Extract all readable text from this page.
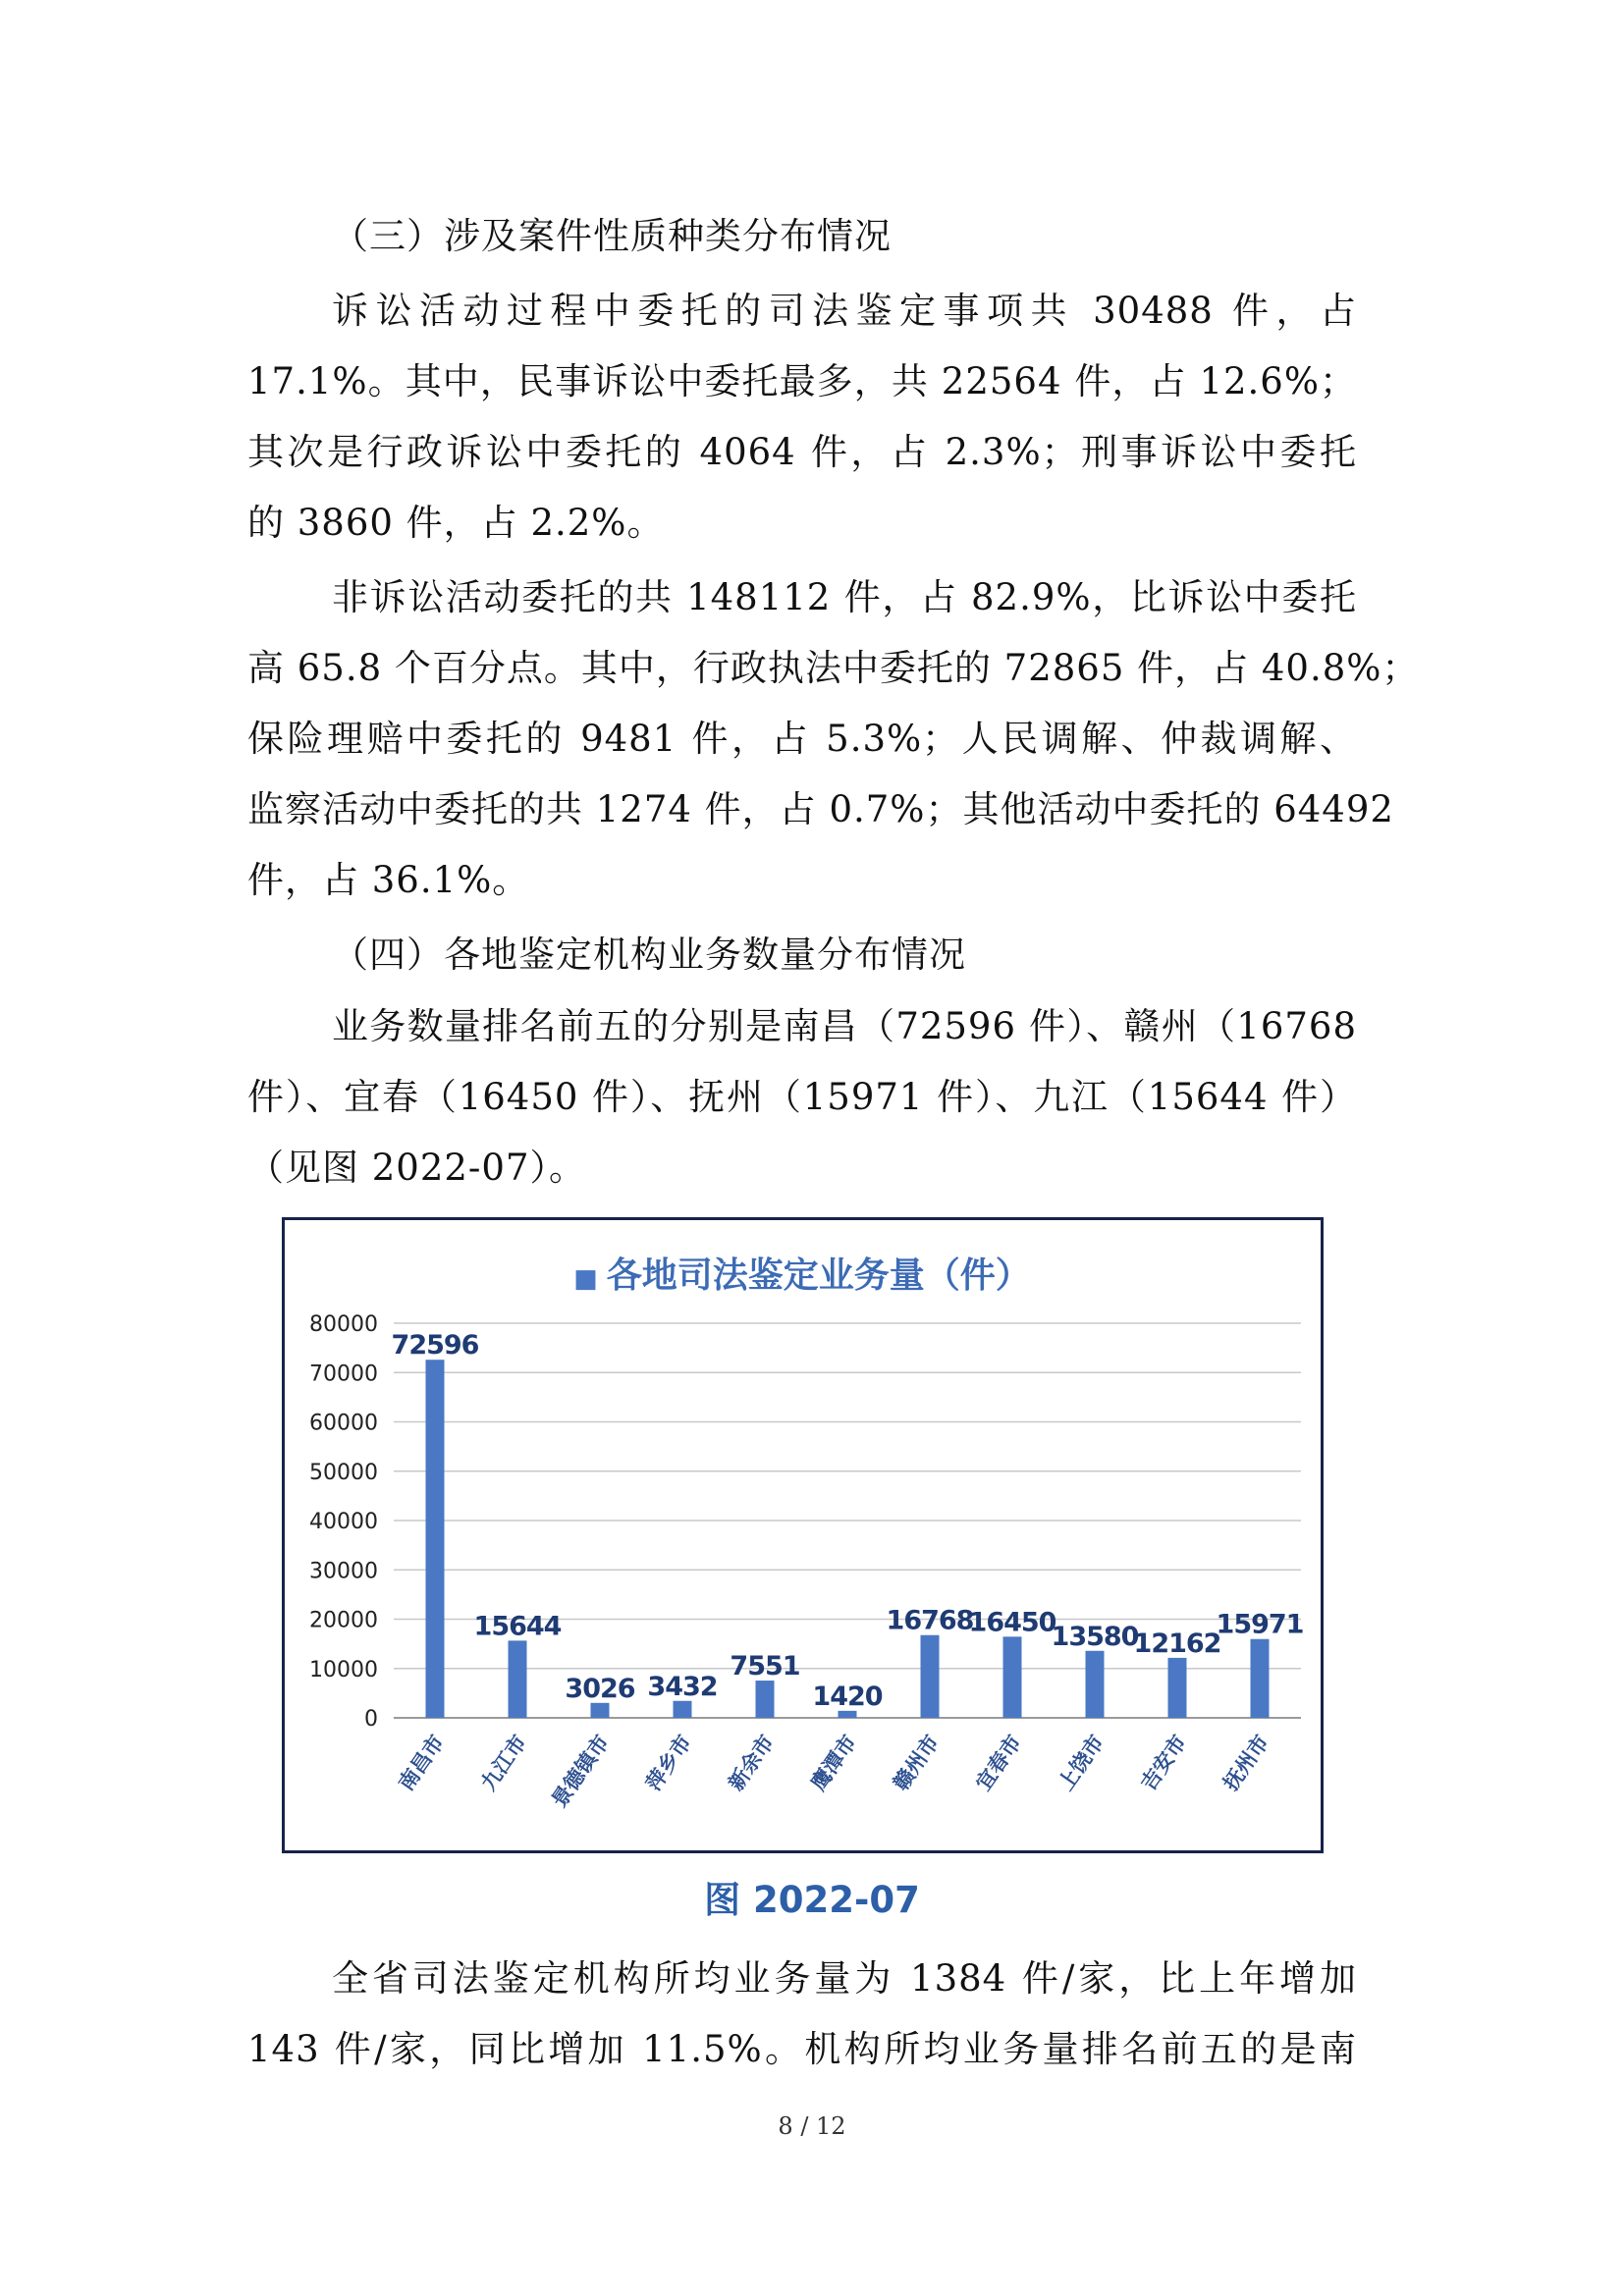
（三）涉及案件性质种类分布情况

诉讼活动过程中委托的司法鉴定事项共 30488 件，占
17.1%。其中，民事诉讼中委托最多，共 22564 件，占 12.6%；
其次是行政诉讼中委托的 4064 件，占 2.3%；刑事诉讼中委托
的 3860 件，占 2.2%。

非诉讼活动委托的共 148112 件，占 82.9%，比诉讼中委托
高 65.8 个百分点。其中，行政执法中委托的 72865 件，占 40.8%；
保险理赔中委托的 9481 件，占 5.3%；人民调解、仲裁调解、
监察活动中委托的共 1274 件，占 0.7%；其他活动中委托的 64492
件，占 36.1%。

（四）各地鉴定机构业务数量分布情况

业务数量排名前五的分别是南昌（72596 件）、赣州（16768
件）、宜春（16450 件）、抚州（15971 件）、九江（15644 件）
（见图 2022-07）。

■ 各地司法鉴定业务量（件）
0
10000
20000
30000
40000
50000
60000
70000
80000
72596
南昌市
15644
九江市
3026
景德镇市
3432
萍乡市
7551
新余市
1420
鹰潭市
16768
赣州市
16450
宜春市
13580
上饶市
12162
吉安市
15971
抚州市
图 2022-07

全省司法鉴定机构所均业务量为 1384 件/家，比上年增加
143 件/家，同比增加 11.5%。机构所均业务量排名前五的是南

8 / 12
